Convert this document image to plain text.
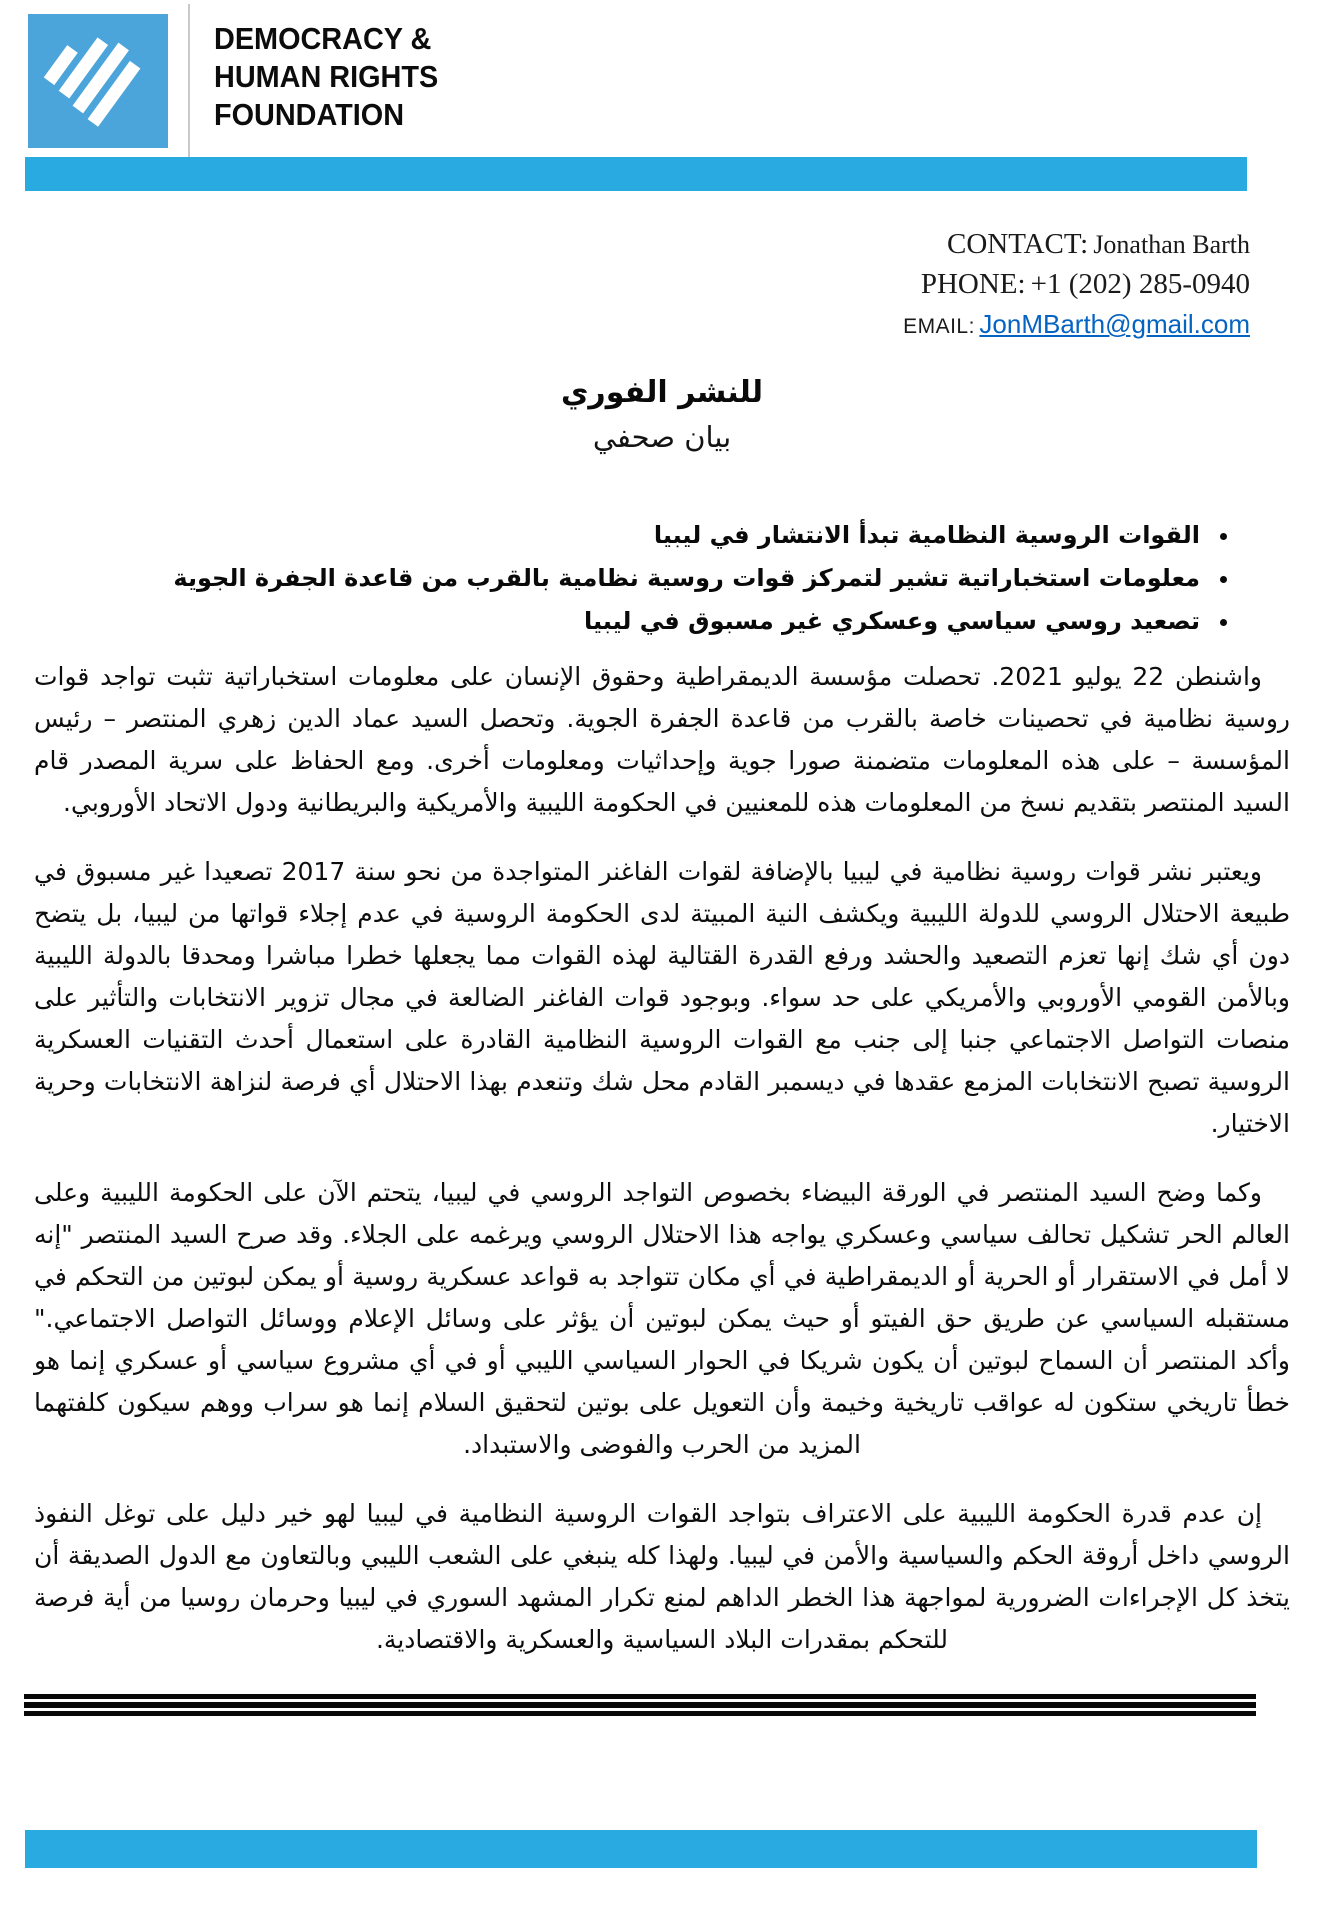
DEMOCRACY &
HUMAN RIGHTS
FOUNDATION
CONTACT: Jonathan Barth
PHONE: +1 (202) 285-0940
EMAIL: JonMBarth@gmail.com
للنشر الفوري
بيان صحفي
• القوات الروسية النظامية تبدأ الانتشار في ليبيا
• معلومات استخباراتية تشير لتمركز قوات روسية نظامية بالقرب من قاعدة الجفرة الجوية
• تصعيد روسي سياسي وعسكري غير مسبوق في ليبيا

واشنطن 22 يوليو 2021. تحصلت مؤسسة الديمقراطية وحقوق الإنسان على معلومات استخباراتية تثبت تواجد قوات روسية نظامية في تحصينات خاصة بالقرب من قاعدة الجفرة الجوية. وتحصل السيد عماد الدين زهري المنتصر – رئيس المؤسسة – على هذه المعلومات متضمنة صورا جوية وإحداثيات ومعلومات أخرى. ومع الحفاظ على سرية المصدر قام السيد المنتصر بتقديم نسخ من المعلومات هذه للمعنيين في الحكومة الليبية والأمريكية والبريطانية ودول الاتحاد الأوروبي.

ويعتبر نشر قوات روسية نظامية في ليبيا بالإضافة لقوات الفاغنر المتواجدة من نحو سنة 2017 تصعيدا غير مسبوق في طبيعة الاحتلال الروسي للدولة الليبية ويكشف النية المبيتة لدى الحكومة الروسية في عدم إجلاء قواتها من ليبيا، بل يتضح دون أي شك إنها تعزم التصعيد والحشد ورفع القدرة القتالية لهذه القوات مما يجعلها خطرا مباشرا ومحدقا بالدولة الليبية وبالأمن القومي الأوروبي والأمريكي على حد سواء. وبوجود قوات الفاغنر الضالعة في مجال تزوير الانتخابات والتأثير على منصات التواصل الاجتماعي جنبا إلى جنب مع القوات الروسية النظامية القادرة على استعمال أحدث التقنيات العسكرية الروسية تصبح الانتخابات المزمع عقدها في ديسمبر القادم محل شك وتنعدم بهذا الاحتلال أي فرصة لنزاهة الانتخابات وحرية الاختيار.

وكما وضح السيد المنتصر في الورقة البيضاء بخصوص التواجد الروسي في ليبيا، يتحتم الآن على الحكومة الليبية وعلى العالم الحر تشكيل تحالف سياسي وعسكري يواجه هذا الاحتلال الروسي ويرغمه على الجلاء. وقد صرح السيد المنتصر "إنه لا أمل في الاستقرار أو الحرية أو الديمقراطية في أي مكان تتواجد به قواعد عسكرية روسية أو يمكن لبوتين من التحكم في مستقبله السياسي عن طريق حق الفيتو أو حيث يمكن لبوتين أن يؤثر على وسائل الإعلام ووسائل التواصل الاجتماعي." وأكد المنتصر أن السماح لبوتين أن يكون شريكا في الحوار السياسي الليبي أو في أي مشروع سياسي أو عسكري إنما هو خطأ تاريخي ستكون له عواقب تاريخية وخيمة وأن التعويل على بوتين لتحقيق السلام إنما هو سراب ووهم سيكون كلفتهما المزيد من الحرب والفوضى والاستبداد.

إن عدم قدرة الحكومة الليبية على الاعتراف بتواجد القوات الروسية النظامية في ليبيا لهو خير دليل على توغل النفوذ الروسي داخل أروقة الحكم والسياسية والأمن في ليبيا. ولهذا كله ينبغي على الشعب الليبي وبالتعاون مع الدول الصديقة أن يتخذ كل الإجراءات الضرورية لمواجهة هذا الخطر الداهم لمنع تكرار المشهد السوري في ليبيا وحرمان روسيا من أية فرصة للتحكم بمقدرات البلاد السياسية والعسكرية والاقتصادية.
